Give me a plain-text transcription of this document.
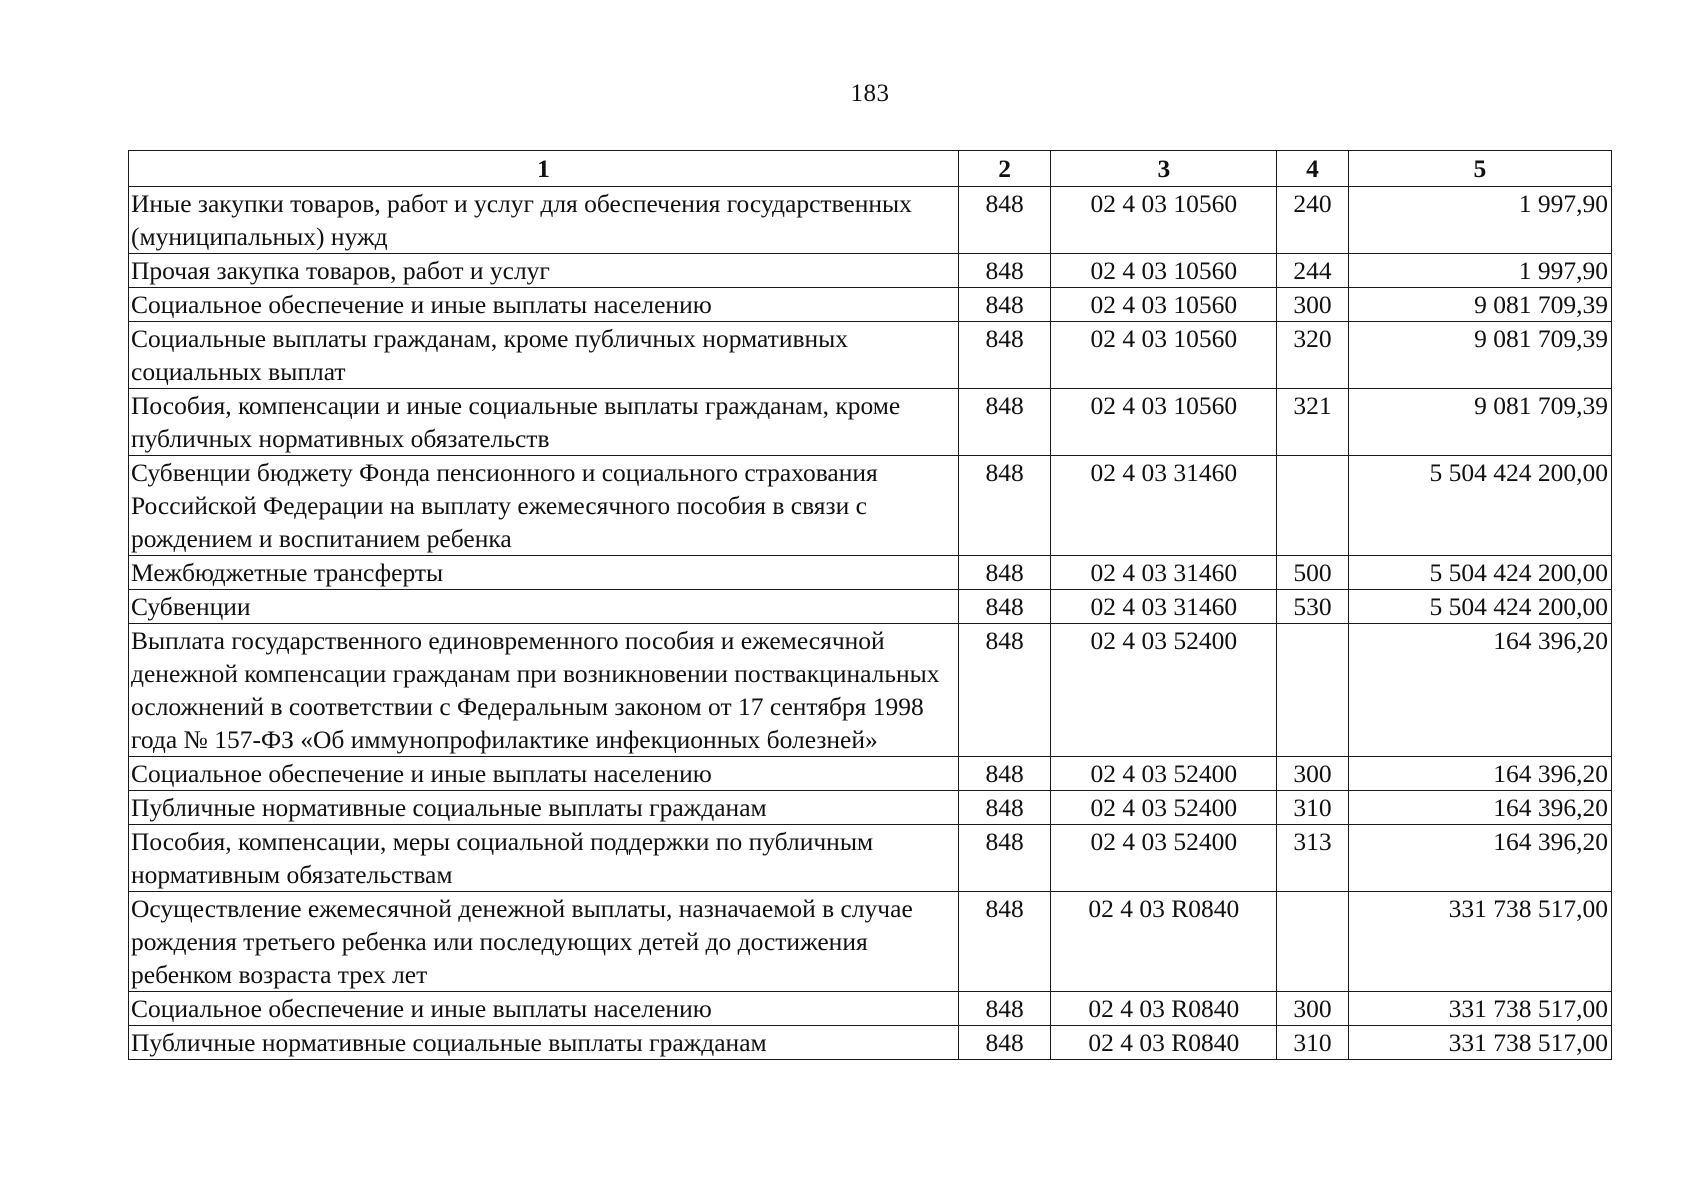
183
1	2	3	4	5
Иные закупки товаров, работ и услуг для обеспечения государственных (муниципальных) нужд	848	02 4 03 10560	240	1 997,90
Прочая закупка товаров, работ и услуг	848	02 4 03 10560	244	1 997,90
Социальное обеспечение и иные выплаты населению	848	02 4 03 10560	300	9 081 709,39
Социальные выплаты гражданам, кроме публичных нормативных социальных выплат	848	02 4 03 10560	320	9 081 709,39
Пособия, компенсации и иные социальные выплаты гражданам, кроме публичных нормативных обязательств	848	02 4 03 10560	321	9 081 709,39
Субвенции бюджету Фонда пенсионного и социального страхования Российской Федерации на выплату ежемесячного пособия в связи с рождением и воспитанием ребенка	848	02 4 03 31460		5 504 424 200,00
Межбюджетные трансферты	848	02 4 03 31460	500	5 504 424 200,00
Субвенции	848	02 4 03 31460	530	5 504 424 200,00
Выплата государственного единовременного пособия и ежемесячной денежной компенсации гражданам при возникновении поствакцинальных осложнений в соответствии с Федеральным законом от 17 сентября 1998 года № 157-ФЗ «Об иммунопрофилактике инфекционных болезней»	848	02 4 03 52400		164 396,20
Социальное обеспечение и иные выплаты населению	848	02 4 03 52400	300	164 396,20
Публичные нормативные социальные выплаты гражданам	848	02 4 03 52400	310	164 396,20
Пособия, компенсации, меры социальной поддержки по публичным нормативным обязательствам	848	02 4 03 52400	313	164 396,20
Осуществление ежемесячной денежной выплаты, назначаемой в случае рождения третьего ребенка или последующих детей до достижения ребенком возраста трех лет	848	02 4 03 R0840		331 738 517,00
Социальное обеспечение и иные выплаты населению	848	02 4 03 R0840	300	331 738 517,00
Публичные нормативные социальные выплаты гражданам	848	02 4 03 R0840	310	331 738 517,00
